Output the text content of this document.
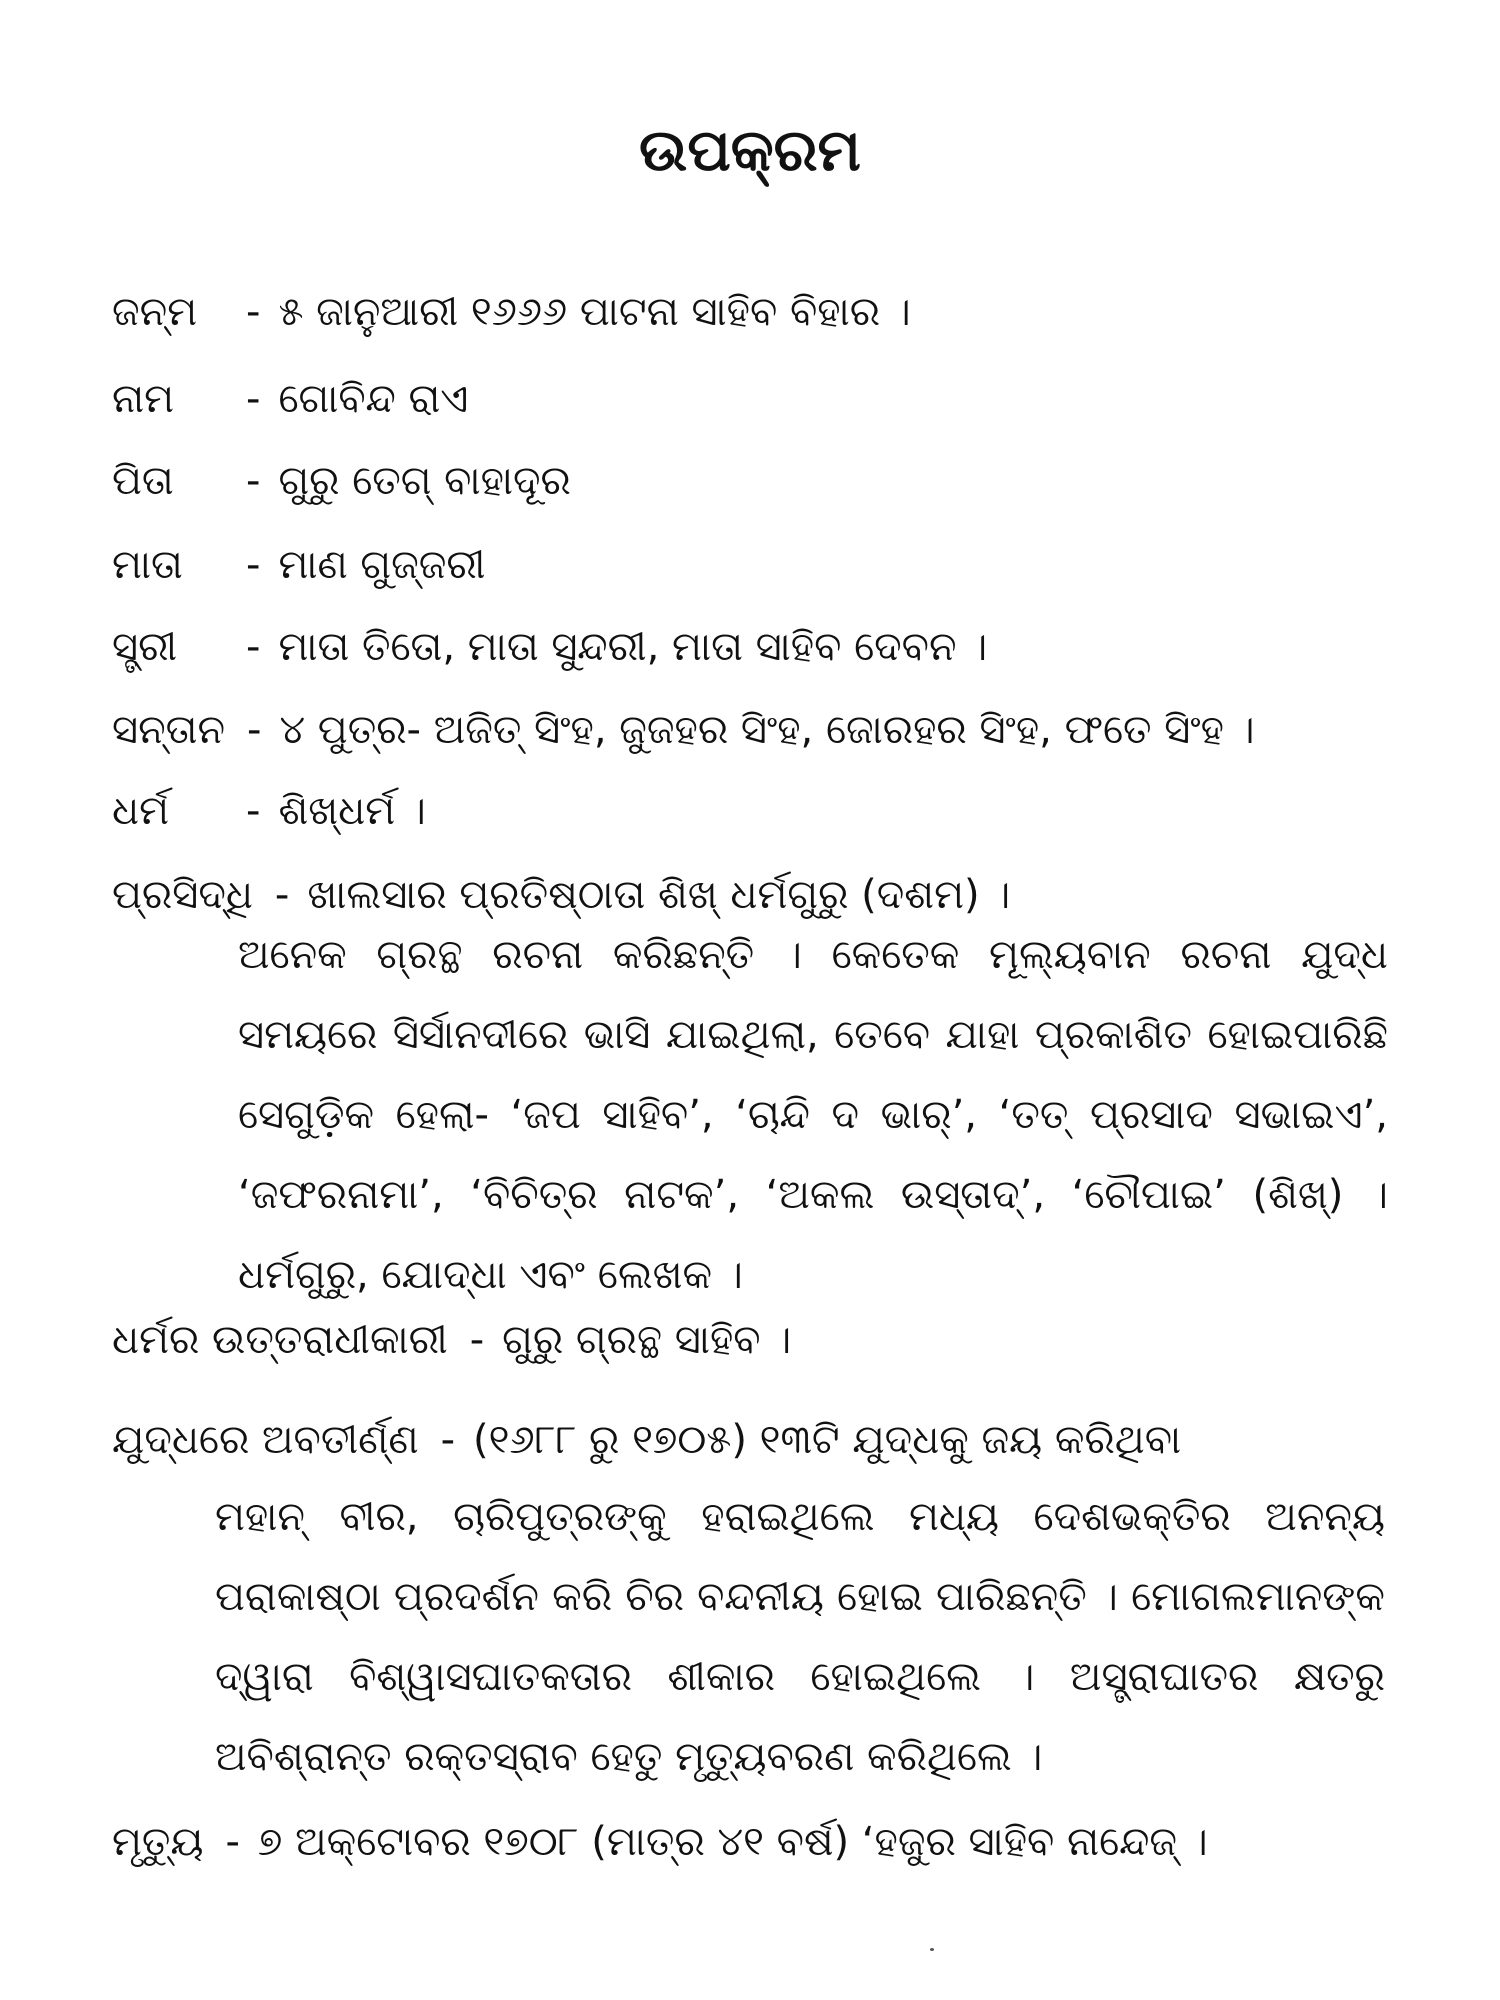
ଉପକ୍ରମ
ଜନ୍ମ - ୫ ଜାନୁଆରୀ ୧୬୬୬ ପାଟନା ସାହିବ ବିହାର ।
ନାମ - ଗୋବିନ୍ଦ ରାଏ
ପିତା - ଗୁରୁ ତେଗ୍ ବାହାଦୂର
ମାତା - ମାଣ ଗୁଜ୍ଜରୀ
ସ୍ତ୍ରୀ - ମାତା ତିତୋ, ମାତା ସୁନ୍ଦରୀ, ମାତା ସାହିବ ଦେବନ ।
ସନ୍ତାନ - ୪ ପୁତ୍ର- ଅଜିତ୍ ସିଂହ, ଜୁଜହର ସିଂହ, ଜୋରହର ସିଂହ, ଫତେ ସିଂହ ।
ଧର୍ମ - ଶିଖ୍ଧର୍ମ ।
ପ୍ରସିଦ୍ଧି - ଖାଲସାର ପ୍ରତିଷ୍ଠାତା ଶିଖ୍ ଧର୍ମଗୁରୁ (ଦଶମ) ।
ଅନେକ ଗ୍ରନ୍ଥ ରଚନା କରିଛନ୍ତି । କେତେକ ମୂଲ୍ୟବାନ ରଚନା ଯୁଦ୍ଧ ସମୟରେ ସିର୍ସାନଦୀରେ ଭାସି ଯାଇଥିଲା, ତେବେ ଯାହା ପ୍ରକାଶିତ ହୋଇପାରିଛି ସେଗୁଡ଼ିକ ହେଲା- ‘ଜପ ସାହିବ’, ‘ଚାନ୍ଦି ଦ ଭାର୍’, ‘ତତ୍ ପ୍ରସାଦ ସଭାଇଏ’, ‘ଜଫରନାମା’, ‘ବିଚିତ୍ର ନାଟକ’, ‘ଅକଲ ଉସ୍ତାଦ୍’, ‘ଚୌପାଇ’ (ଶିଖ୍) । ଧର୍ମଗୁରୁ, ଯୋଦ୍ଧା ଏବଂ ଲେଖକ ।
ଧର୍ମର ଉତ୍ତରାଧୀକାରୀ - ଗୁରୁ ଗ୍ରନ୍ଥ ସାହିବ ।
ଯୁଦ୍ଧରେ ଅବତୀର୍ଣ୍ଣ - (୧୬୮୮ ରୁ ୧୭୦୫) ୧୩ଟି ଯୁଦ୍ଧକୁ ଜୟ କରିଥିବା
ମହାନ୍ ବୀର, ଚାରିପୁତ୍ରଙ୍କୁ ହରାଇଥିଲେ ମଧ୍ୟ ଦେଶଭକ୍ତିର ଅନନ୍ୟ ପରାକାଷ୍ଠା ପ୍ରଦର୍ଶନ କରି ଚିର ବନ୍ଦନୀୟ ହୋଇ ପାରିଛନ୍ତି । ମୋଗଲମାନଙ୍କ ଦ୍ୱାରା ବିଶ୍ୱାସଘାତକତାର ଶୀକାର ହୋଇଥିଲେ । ଅସ୍ତ୍ରାଘାତର କ୍ଷତରୁ ଅବିଶ୍ରାନ୍ତ ରକ୍ତସ୍ରାବ ହେତୁ ମୃତ୍ୟୁବରଣ କରିଥିଲେ ।
ମୃତ୍ୟୁ - ୭ ଅକ୍ଟୋବର ୧୭୦୮ (ମାତ୍ର ୪୧ ବର୍ଷ) ‘ହଜୁର ସାହିବ ନାନ୍ଦେଜ୍ ।
